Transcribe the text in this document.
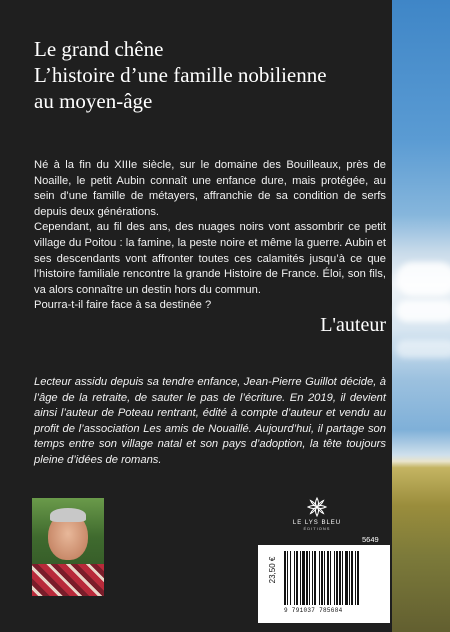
Le grand chêne

L’histoire d’une famille nobilienne

au moyen-âge

Né à la fin du XIIIe siècle, sur le domaine des Bouilleaux, près de Noaille, le petit Aubin connaît une enfance dure, mais protégée, au sein d’une famille de métayers, affranchie de sa condition de serfs depuis deux générations.

Cependant, au fil des ans, des nuages noirs vont assombrir ce petit village du Poitou : la famine, la peste noire et même la guerre. Aubin et ses descendants vont affronter toutes ces calamités jusqu’à ce que l’histoire familiale rencontre la grande Histoire de France. Éloi, son fils, va alors connaître un destin hors du commun.

Pourra-t-il faire face à sa destinée ?

L'auteur
Lecteur assidu depuis sa tendre enfance, Jean-Pierre Guillot décide, à l’âge de la retraite, de sauter le pas de l’écriture. En 2019, il devient ainsi l’auteur de Poteau rentrant, édité à compte d’auteur et vendu au profit de l’association Les amis de Nouaillé. Aujourd’hui, il partage son temps entre son village natal et son pays d’adoption, la tête toujours pleine d’idées de romans.
LE LYS BLEU
ÉDITIONS
5649
9 791037 785684
23,50 €
